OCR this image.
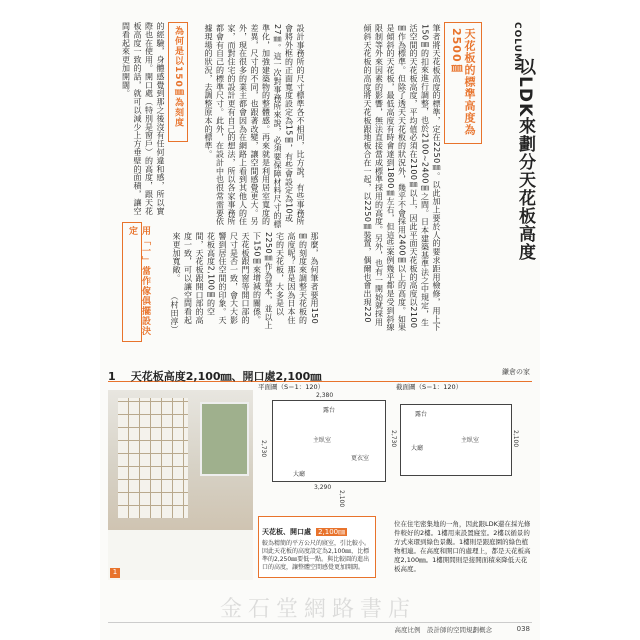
COLUMN
以LDK來劃分天花板高度
天花板的標準高度為2500㎜
筆者將天花板高度的標準，定在2250㎜。以此加上要於人的要求距用檢修，用上下150㎜的扣來進行調整，也於2100~2400㎜之間。日本建築基準法之中規定，生活空間的天花板高度，平均值必須在2100㎜以上，因此平面天花板的高度以2100㎜作為標準。但除了透天天花板的狀況外，幾乎不會採用2400㎜以上的高度。如果是傾斜的天花板，最低高度有時會達到1800㎜左右，但這些案例幾乎都是受到斜線限制等外來因素的影響，無法直接當成標準採用的高度。另外，也有一開始就採用傾斜天花板的高度將天花板跟地板合在一起，以2250㎜裝置，偶爾也會出現220
設計事務所的尺寸標準各不相同，比方說，有些事務所會將外框的正面寬度設定為15㎜，有些會設定為10或27㎜。這一次對事務所來說，必須要保障材料尺寸的標準化，加強建築物的整體感。再來就是利用居室寬度的差異，尺寸的不同，也跟著改變，讓空間感覺更大。另外，現在很多的業主都會因為在網路上看到其他人的住家，而對住宅的設計更有自己的想法，所以各家事務所都會有自己的標準尺寸。此外，在設計中也很常需要依據現場的狀況，去調整原本的標準。
為何是以150㎜為刻度
那麼，為何筆者要用150㎜的刻度來調整天花板的高度呢？那是因為日本住宅的天花板，大多是以2250㎜作為基本，並以上下150㎜來增減的關係。天花板跟門窗等開口部的尺寸是否一致，會大大影響到居住空間的印象。天花板高度2,100㎜的空間，天花板跟開口部的高度一致，可以讓空間看起來更加寬敞。
用「一」當作傢俱擺設決定
的經驗，身體感覺到那之後沒有任何違和感，所以實際也在使用。開口處（特別是窗戶）的高度，跟天花板高度一致的話，就可以減少上方垂壁的面積，讓空間看起來更加開闊。
（村田淳）
1 天花板高度2,100㎜、開口處2,100㎜	鎌倉の家
1
平面圖（S＝1：120）	截面圖（S＝1：120）
主臥室
更衣室
露台
大廳
2,380
3,290
2,730	主臥室
大廳
露台
2,730	2,100
2,100
天花板、開口處 2,100㎜
較為精簡的平方公尺的寢室，引比較小。因此天花板的高度設定為2,100㎜，比標準的2,250㎜要低一點。與比較圓的進出口的高度，讓整體空間感覺更加開闊。
位在住宅密集地的一角，因此跟LDK還在採光條件較好的2樓。1樓用來設置寢室。2樓以循景的方式來環到綠色景觀。1樓則是跟庭園的綠色植物相連。在高度和開口的處理上，都是天花板高度2,100㎜。1樓開間則是接開面積來降低天花板高度。
金石堂網路書店
高度比例　設計師的空間規劃概念	038
